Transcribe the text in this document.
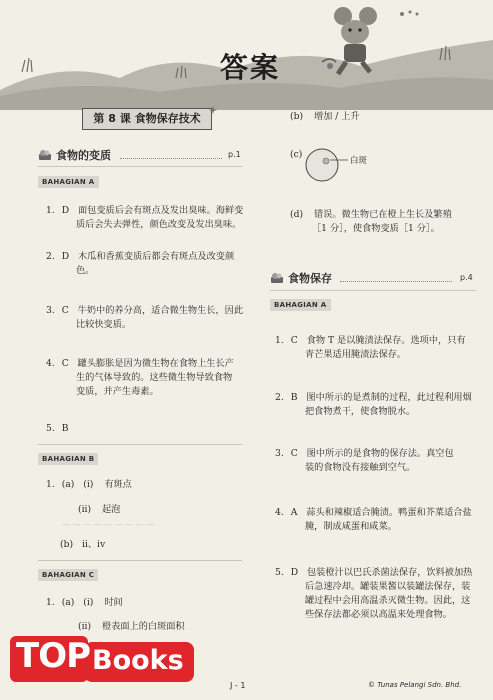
答案
第 8 课 食物保存技术
食物的变质	p.1
BAHAGIAN A
1. D 面包变质后会有斑点及发出臭味。海鲜变
质后会失去弹性，颜色改变及发出臭味。
2. D 木瓜和香蕉变质后都会有斑点及改变颜
色。
3. C 牛奶中的养分高，适合微生物生长，因此
比较快变质。
4. C 罐头膨胀是因为微生物在食物上生长产
生的气体导致的。这些微生物导致食物
变质，并产生毒素。
5. B
BAHAGIAN B
1. (a) (i) 有斑点
(ii) 起泡
(b) ii、iv
BAHAGIAN C
1. (a) (i) 时间
(ii) 橙表面上的白斑面积
— — — — — — — — —
(b) 增加 / 上升
(c)
白斑
(d) 错误。微生物已在橙上生长及繁殖
［1 分］，使食物变质［1 分］。
食物保存	p.4
BAHAGIAN A
1. C 食物 T 是以腌渍法保存。选项中，只有
青芒果适用腌渍法保存。
2. B 图中所示的是煮制的过程，此过程利用烟
把食物煮干，使食物脱水。
3. C 图中所示的是食物的保存法。真空包
装的食物没有接触到空气。
4. A 蒜头和辣椒适合腌渍。鸭蛋和芥菜适合盐
腌，制成咸蛋和咸菜。
5. D 包装橙汁以巴氏杀菌法保存，饮料被加热
后急速冷却。罐装果酱以装罐法保存，装
罐过程中会用高温杀灭微生物。因此，这
些保存法都必须以高温来处理食物。
J - 1	© Tunas Pelangi Sdn. Bhd.
TOP Books
